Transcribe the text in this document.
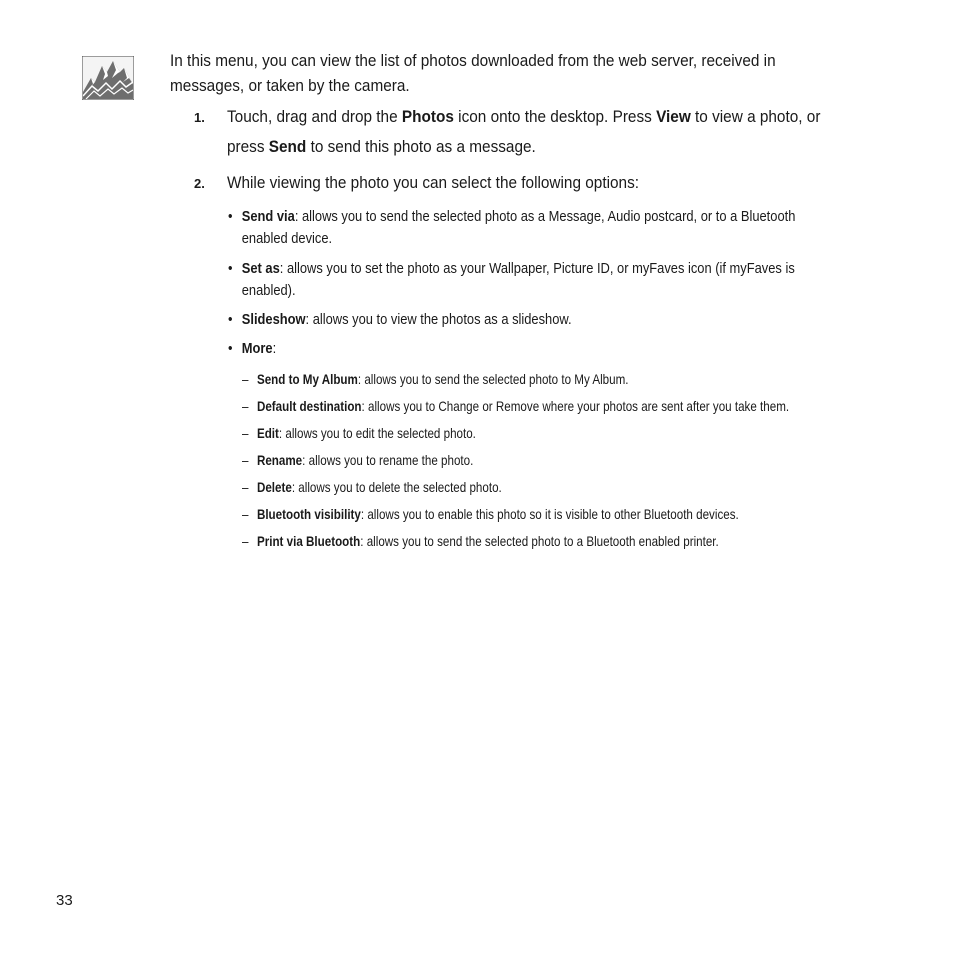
In this menu, you can view the list of photos downloaded from the web server, received in
messages, or taken by the camera.
1. Touch, drag and drop the Photos icon onto the desktop. Press View to view a photo, or
press Send to send this photo as a message.
2. While viewing the photo you can select the following options:
• Send via: allows you to send the selected photo as a Message, Audio postcard, or to a Bluetooth
enabled device.
• Set as: allows you to set the photo as your Wallpaper, Picture ID, or myFaves icon (if myFaves is
enabled).
• Slideshow: allows you to view the photos as a slideshow.
• More:
– Send to My Album: allows you to send the selected photo to My Album.
– Default destination: allows you to Change or Remove where your photos are sent after you take them.
– Edit: allows you to edit the selected photo.
– Rename: allows you to rename the photo.
– Delete: allows you to delete the selected photo.
– Bluetooth visibility: allows you to enable this photo so it is visible to other Bluetooth devices.
– Print via Bluetooth: allows you to send the selected photo to a Bluetooth enabled printer.
33
